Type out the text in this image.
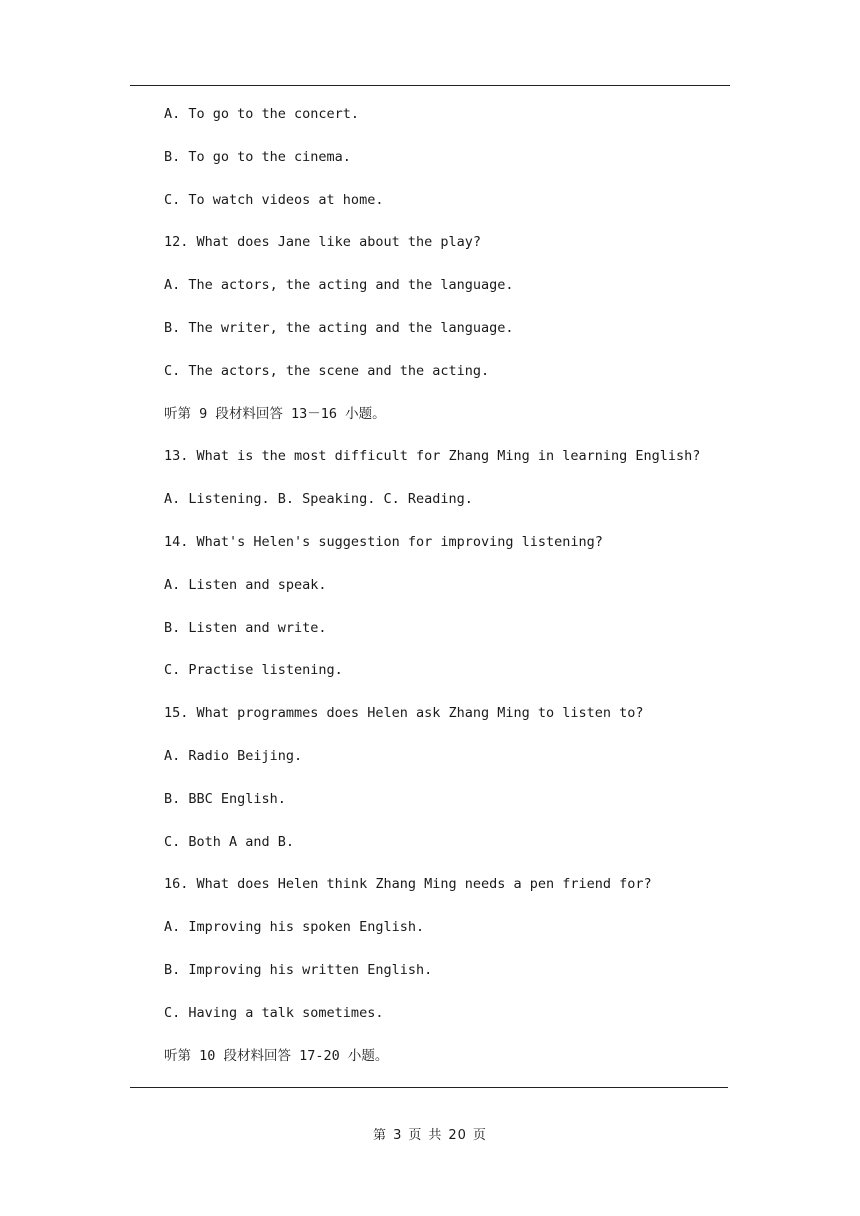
A. To go to the concert.
B. To go to the cinema.
C. To watch videos at home.
12. What does Jane like about the play?
A. The actors, the acting and the language.
B. The writer, the acting and the language.
C. The actors, the scene and the acting.
听第 9 段材料回答 13－16 小题。
13. What is the most difficult for Zhang Ming in learning English?
A. Listening. B. Speaking. C. Reading.
14. What's Helen's suggestion for improving listening?
A. Listen and speak.
B. Listen and write.
C. Practise listening.
15. What programmes does Helen ask Zhang Ming to listen to?
A. Radio Beijing.
B. BBC English.
C. Both A and B.
16. What does Helen think Zhang Ming needs a pen friend for?
A. Improving his spoken English.
B. Improving his written English.
C. Having a talk sometimes.
听第 10 段材料回答 17-20 小题。
第 3 页 共 20 页
